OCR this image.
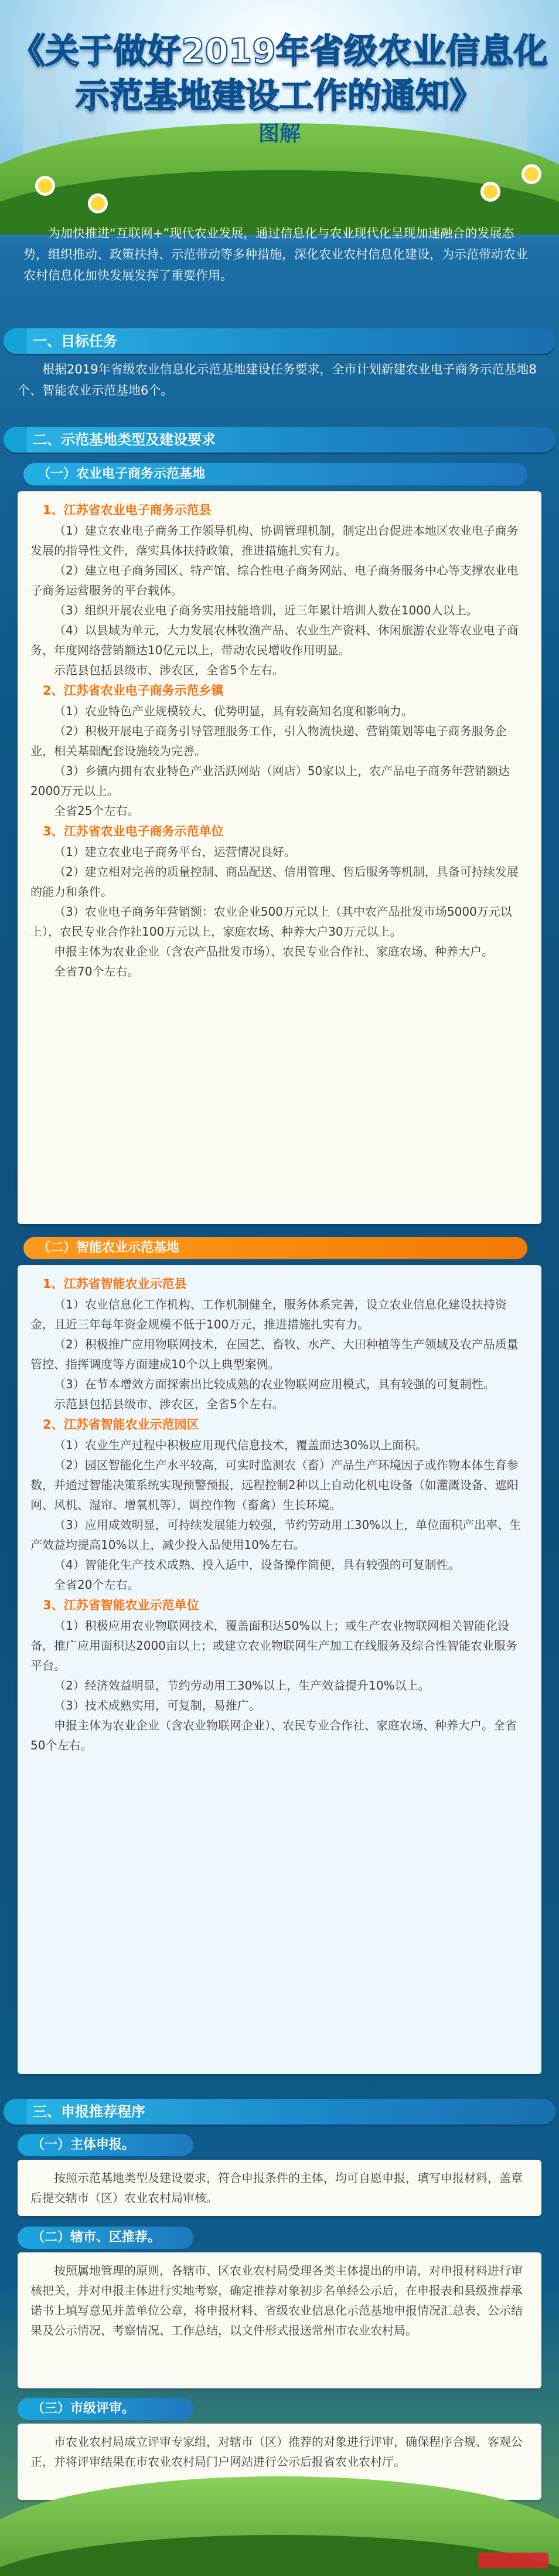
《关于做好2019年省级农业信息化
示范基地建设工作的通知》
图解
为加快推进“互联网+”现代农业发展，通过信息化与农业现代化呈现加速融合的发展态势，组织推动、政策扶持、示范带动等多种措施，深化农业农村信息化建设，为示范带动农业农村信息化加快发展发挥了重要作用。
一、目标任务
根据2019年省级农业信息化示范基地建设任务要求，全市计划新建农业电子商务示范基地8个、智能农业示范基地6个。
二、示范基地类型及建设要求
（一）农业电子商务示范基地
1、江苏省农业电子商务示范县

（1）建立农业电子商务工作领导机构、协调管理机制，制定出台促进本地区农业电子商务发展的指导性文件，落实具体扶持政策，推进措施扎实有力。

（2）建立电子商务园区、特产馆、综合性电子商务网站、电子商务服务中心等支撑农业电子商务运营服务的平台载体。

（3）组织开展农业电子商务实用技能培训，近三年累计培训人数在1000人以上。

（4）以县域为单元，大力发展农林牧渔产品、农业生产资料、休闲旅游农业等农业电子商务，年度网络营销额达10亿元以上，带动农民增收作用明显。

示范县包括县级市、涉农区，全省5个左右。

2、江苏省农业电子商务示范乡镇

（1）农业特色产业规模较大、优势明显，具有较高知名度和影响力。

（2）积极开展电子商务引导管理服务工作，引入物流快递、营销策划等电子商务服务企业，相关基础配套设施较为完善。

（3）乡镇内拥有农业特色产业活跃网站（网店）50家以上，农产品电子商务年营销额达2000万元以上。

全省25个左右。

3、江苏省农业电子商务示范单位

（1）建立农业电子商务平台，运营情况良好。

（2）建立相对完善的质量控制、商品配送、信用管理、售后服务等机制，具备可持续发展的能力和条件。

（3）农业电子商务年营销额：农业企业500万元以上（其中农产品批发市场5000万元以上），农民专业合作社100万元以上，家庭农场、种养大户30万元以上。

申报主体为农业企业（含农产品批发市场）、农民专业合作社、家庭农场、种养大户。

全省70个左右。

（二）智能农业示范基地
1、江苏省智能农业示范县

（1）农业信息化工作机构、工作机制健全，服务体系完善，设立农业信息化建设扶持资金，且近三年每年资金规模不低于100万元，推进措施扎实有力。

（2）积极推广应用物联网技术，在园艺、畜牧、水产、大田种植等生产领域及农产品质量管控、指挥调度等方面建成10个以上典型案例。

（3）在节本增效方面探索出比较成熟的农业物联网应用模式，具有较强的可复制性。

示范县包括县级市、涉农区，全省5个左右。

2、江苏省智能农业示范园区

（1）农业生产过程中积极应用现代信息技术，覆盖面达30%以上面积。

（2）园区智能化生产水平较高，可实时监测农（畜）产品生产环境因子或作物本体生育参数，并通过智能决策系统实现预警预报，远程控制2种以上自动化机电设备（如灌溉设备、遮阳网、风机、湿帘、增氧机等），调控作物（畜禽）生长环境。

（3）应用成效明显，可持续发展能力较强，节约劳动用工30%以上，单位面积产出率、生产效益均提高10%以上，减少投入品使用10%左右。

（4）智能化生产技术成熟、投入适中，设备操作简便，具有较强的可复制性。

全省20个左右。

3、江苏省智能农业示范单位

（1）积极应用农业物联网技术，覆盖面积达50%以上；或生产农业物联网相关智能化设备，推广应用面积达2000亩以上；或建立农业物联网生产加工在线服务及综合性智能农业服务平台。

（2）经济效益明显，节约劳动用工30%以上，生产效益提升10%以上。

（3）技术成熟实用，可复制，易推广。

申报主体为农业企业（含农业物联网企业）、农民专业合作社、家庭农场、种养大户。全省50个左右。

三、申报推荐程序
（一）主体申报。

按照示范基地类型及建设要求，符合申报条件的主体，均可自愿申报，填写申报材料，盖章后提交辖市（区）农业农村局审核。

（二）辖市、区推荐。

按照属地管理的原则，各辖市、区农业农村局受理各类主体提出的申请，对申报材料进行审核把关，并对申报主体进行实地考察，确定推荐对象初步名单经公示后，在申报表和县级推荐承诺书上填写意见并盖单位公章，将申报材料、省级农业信息化示范基地申报情况汇总表、公示结果及公示情况、考察情况、工作总结，以文件形式报送常州市农业农村局。

（三）市级评审。

市农业农村局成立评审专家组，对辖市（区）推荐的对象进行评审，确保程序合规、客观公正，并将评审结果在市农业农村局门户网站进行公示后报省农业农村厅。
